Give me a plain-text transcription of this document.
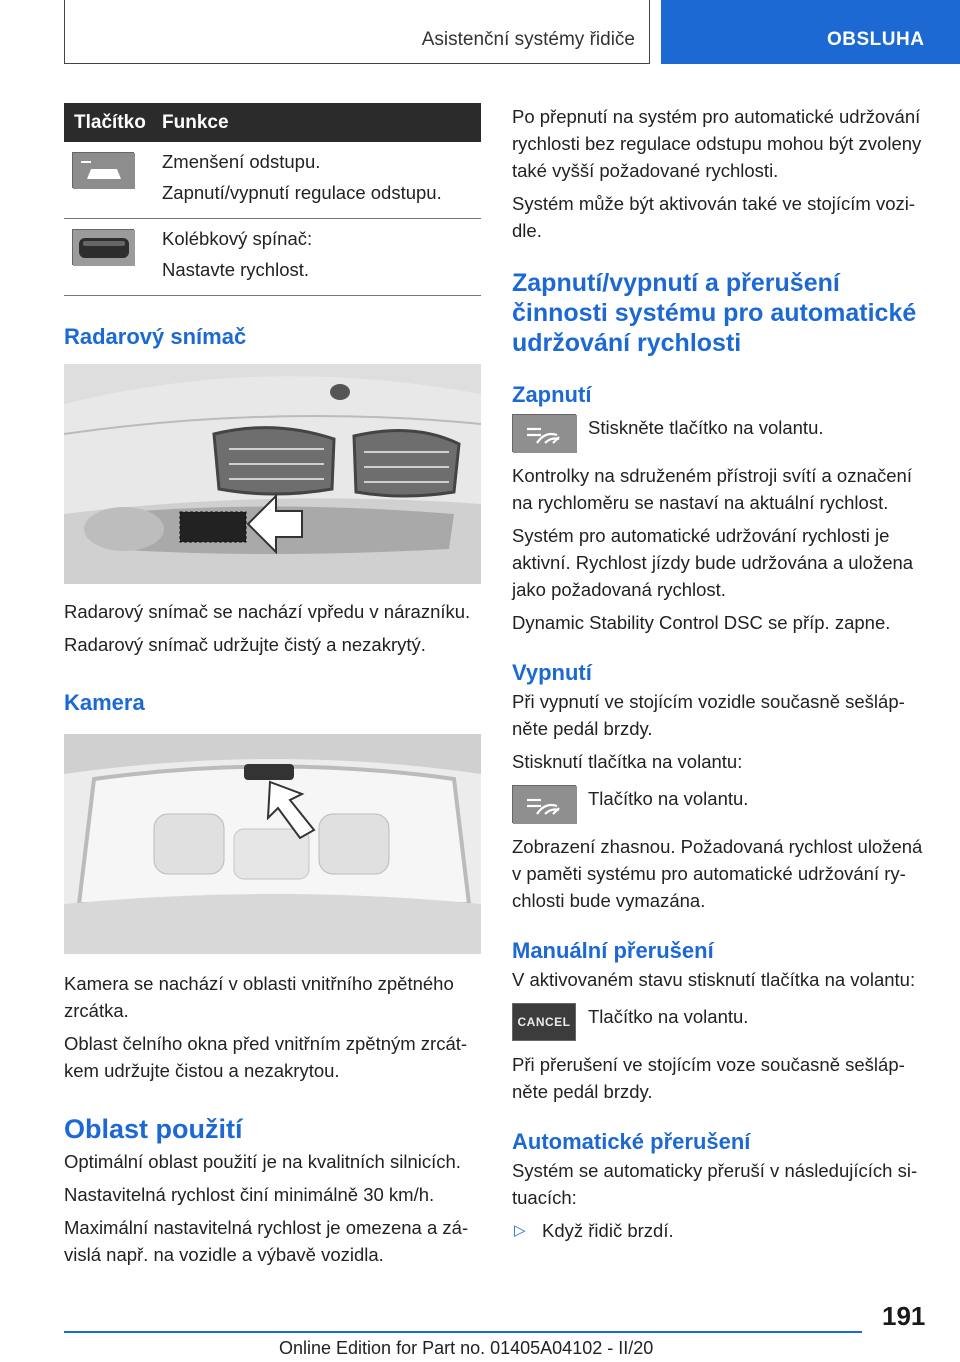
Asistenční systémy řidiče	OBSLUHA
Tlačítko Funkce

Zmenšení odstupu.

Zapnutí/vypnutí regulace odstupu.

Kolébkový spínač:

Nastavte rychlost.

Radarový snímač

Radarový snímač se nachází vpředu v nárazníku.

Radarový snímač udržujte čistý a nezakrytý.

Kamera

Kamera se nachází v oblasti vnitřního zpětného zrcátka.

Oblast čelního okna před vnitřním zpětným zrcátkem udržujte čistou a nezakrytou.

Oblast použití

Optimální oblast použití je na kvalitních silnicích.

Nastavitelná rychlost činí minimálně 30 km/h.

Maximální nastavitelná rychlost je omezena a závislá např. na vozidle a výbavě vozidla.

Po přepnutí na systém pro automatické udržování rychlosti bez regulace odstupu mohou být zvoleny také vyšší požadované rychlosti.

Systém může být aktivován také ve stojícím vozidle.

Zapnutí/vypnutí a přerušení činnosti systému pro automatické udržování rychlosti
Zapnutí

Stiskněte tlačítko na volantu.

Kontrolky na sdruženém přístroji svítí a označení na rychloměru se nastaví na aktuální rychlost.

Systém pro automatické udržování rychlosti je aktivní. Rychlost jízdy bude udržována a uložena jako požadovaná rychlost.

Dynamic Stability Control DSC se příp. zapne.

Vypnutí

Při vypnutí ve stojícím vozidle současně sešlápněte pedál brzdy.

Stisknutí tlačítka na volantu:

Tlačítko na volantu.

Zobrazení zhasnou. Požadovaná rychlost uložená v paměti systému pro automatické udržování rychlosti bude vymazána.

Manuální přerušení

V aktivovaném stavu stisknutí tlačítka na volantu:

CANCEL Tlačítko na volantu.

Při přerušení ve stojícím voze současně sešlápněte pedál brzdy.

Automatické přerušení

Systém se automaticky přeruší v následujících situacích:

▷ Když řidič brzdí.

191
Online Edition for Part no. 01405A04102 - II/20
